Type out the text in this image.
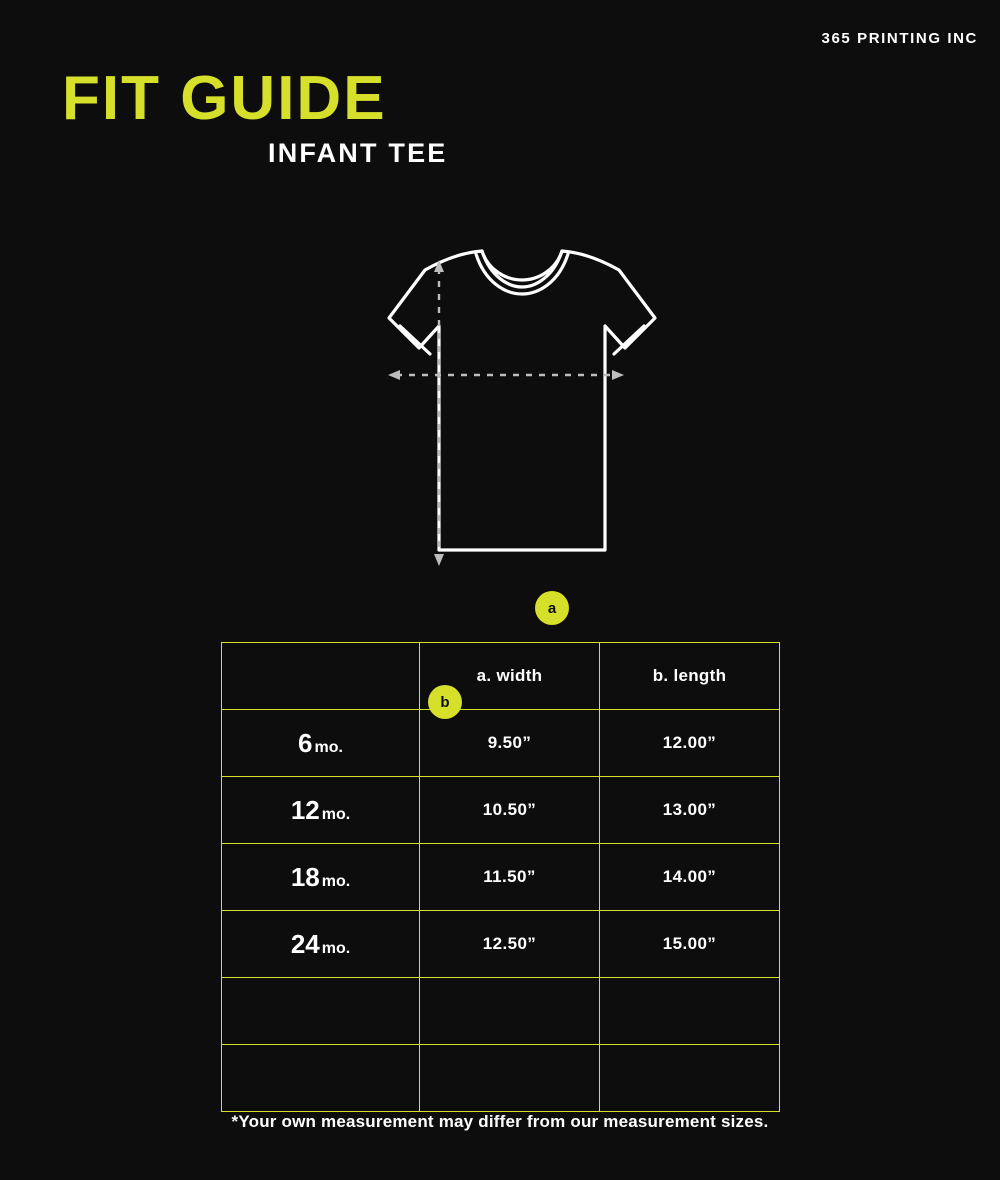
365 PRINTING INC
FIT GUIDE
INFANT TEE
a
b
	a. width	b. length
6 mo.	9.50”	12.00”
12 mo.	10.50”	13.00”
18 mo.	11.50”	14.00”
24 mo.	12.50”	15.00”

*Your own measurement may differ from our measurement sizes.
